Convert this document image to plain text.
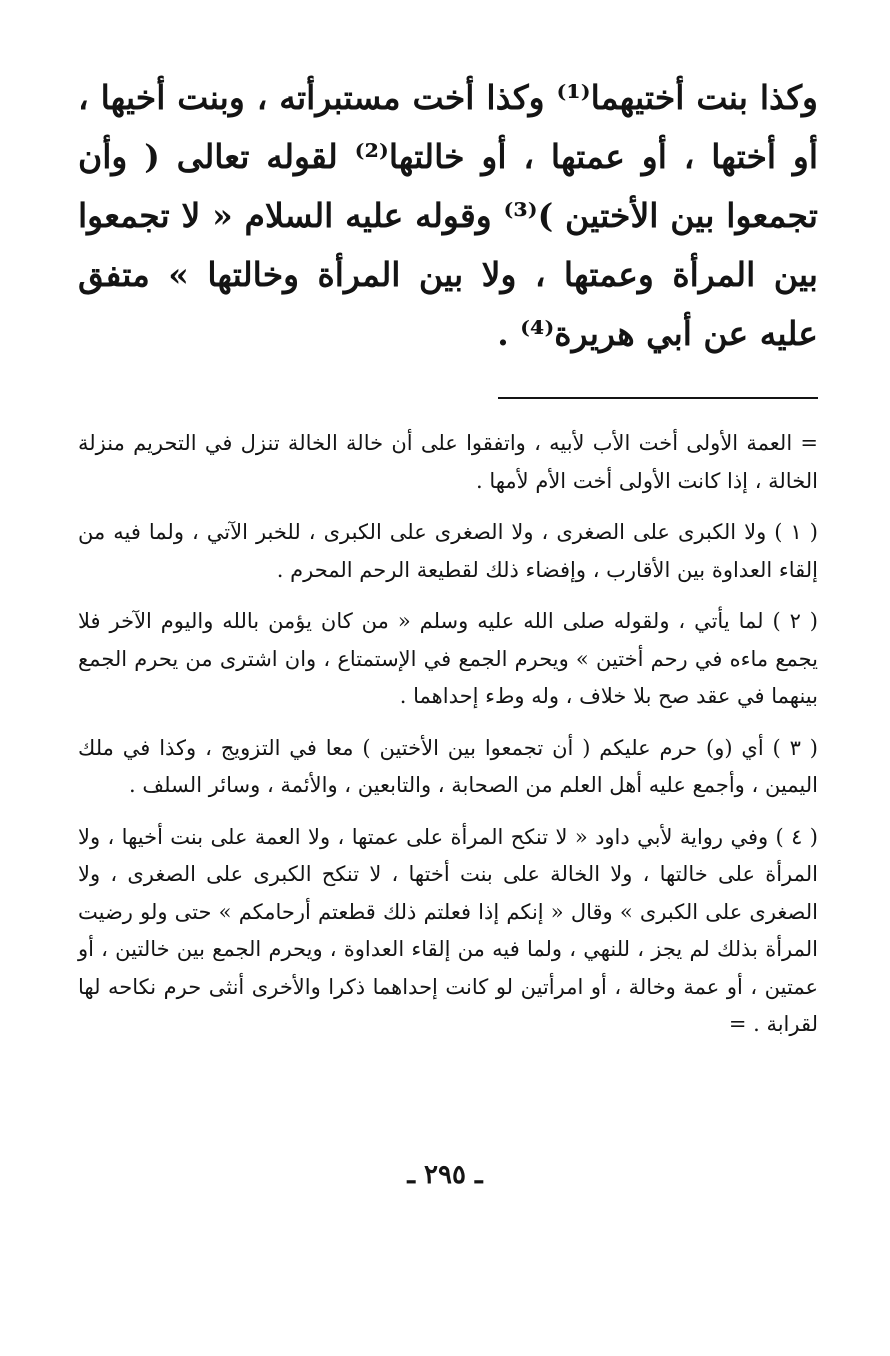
وكذا بنت أختيهما⁽¹⁾ وكذا أخت مستبرأته ، وبنت أخيها ، أو أختها ، أو عمتها ، أو خالتها⁽²⁾ لقوله تعالى ( وأن تجمعوا بين الأختين )⁽³⁾ وقوله عليه السلام « لا تجمعوا بين المرأة وعمتها ، ولا بين المرأة وخالتها » متفق عليه عن أبي هريرة⁽⁴⁾ .

= العمة الأولى أخت الأب لأبيه ، واتفقوا على أن خالة الخالة تنزل في التحريم منزلة الخالة ، إذا كانت الأولى أخت الأم لأمها .

( ١ ) ولا الكبرى على الصغرى ، ولا الصغرى على الكبرى ، للخبر الآتي ، ولما فيه من إلقاء العداوة بين الأقارب ، وإفضاء ذلك لقطيعة الرحم المحرم .

( ٢ ) لما يأتي ، ولقوله صلى الله عليه وسلم « من كان يؤمن بالله واليوم الآخر فلا يجمع ماءه في رحم أختين » ويحرم الجمع في الإستمتاع ، وان اشترى من يحرم الجمع بينهما في عقد صح بلا خلاف ، وله وطء إحداهما .

( ٣ ) أي (و) حرم عليكم ( أن تجمعوا بين الأختين ) معا في التزويج ، وكذا في ملك اليمين ، وأجمع عليه أهل العلم من الصحابة ، والتابعين ، والأئمة ، وسائر السلف .

( ٤ ) وفي رواية لأبي داود « لا تنكح المرأة على عمتها ، ولا العمة على بنت أخيها ، ولا المرأة على خالتها ، ولا الخالة على بنت أختها ، لا تنكح الكبرى على الصغرى ، ولا الصغرى على الكبرى » وقال « إنكم إذا فعلتم ذلك قطعتم أرحامكم » حتى ولو رضيت المرأة بذلك لم يجز ، للنهي ، ولما فيه من إلقاء العداوة ، ويحرم الجمع بين خالتين ، أو عمتين ، أو عمة وخالة ، أو امرأتين لو كانت إحداهما ذكرا والأخرى أنثى حرم نكاحه لها لقرابة . =

ـ ٢٩٥ ـ
